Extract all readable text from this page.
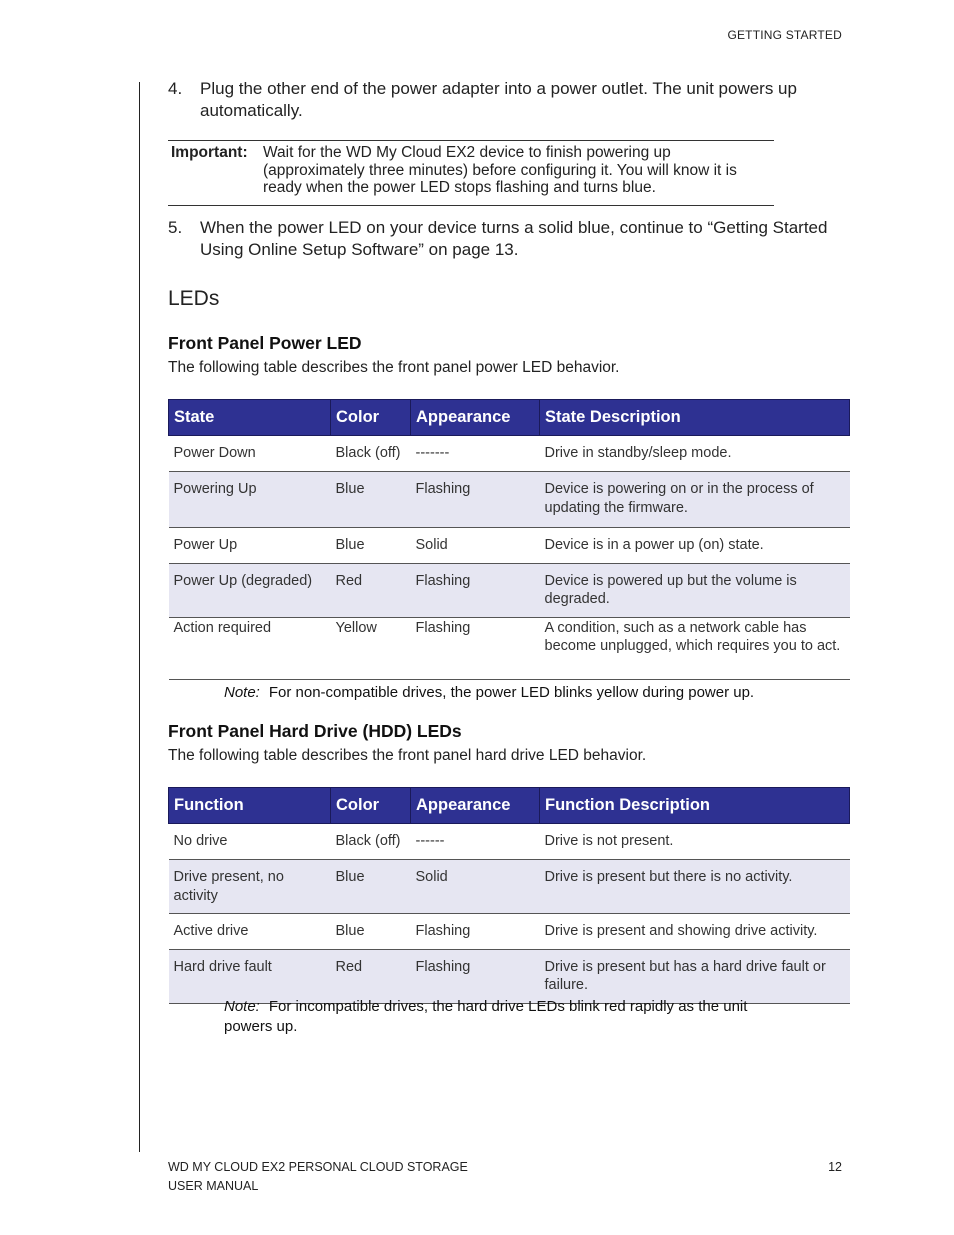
GETTING STARTED
4.	Plug the other end of the power adapter into a power outlet. The unit powers up automatically.
Important: Wait for the WD My Cloud EX2 device to finish powering up (approximately three minutes) before configuring it. You will know it is ready when the power LED stops flashing and turns blue.
5.	When the power LED on your device turns a solid blue, continue to “Getting Started Using Online Setup Software” on page 13.
LEDs
Front Panel Power LED
The following table describes the front panel power LED behavior.
State	Color	Appearance	State Description
Power Down	Black (off)	-------	Drive in standby/sleep mode.
Powering Up	Blue	Flashing	Device is powering on or in the process of updating the firmware.
Power Up	Blue	Solid	Device is in a power up (on) state.
Power Up (degraded)	Red	Flashing	Device is powered up but the volume is degraded.
Action required	Yellow	Flashing	A condition, such as a network cable has become unplugged, which requires you to act.
Note: For non-compatible drives, the power LED blinks yellow during power up.
Front Panel Hard Drive (HDD) LEDs
The following table describes the front panel hard drive LED behavior.
Function	Color	Appearance	Function Description
No drive	Black (off)	------	Drive is not present.
Drive present, no activity	Blue	Solid	Drive is present but there is no activity.
Active drive	Blue	Flashing	Drive is present and showing drive activity.
Hard drive fault	Red	Flashing	Drive is present but has a hard drive fault or failure.
Note: For incompatible drives, the hard drive LEDs blink red rapidly as the unit powers up.
WD MY CLOUD EX2 PERSONAL CLOUD STORAGE
USER MANUAL
12
